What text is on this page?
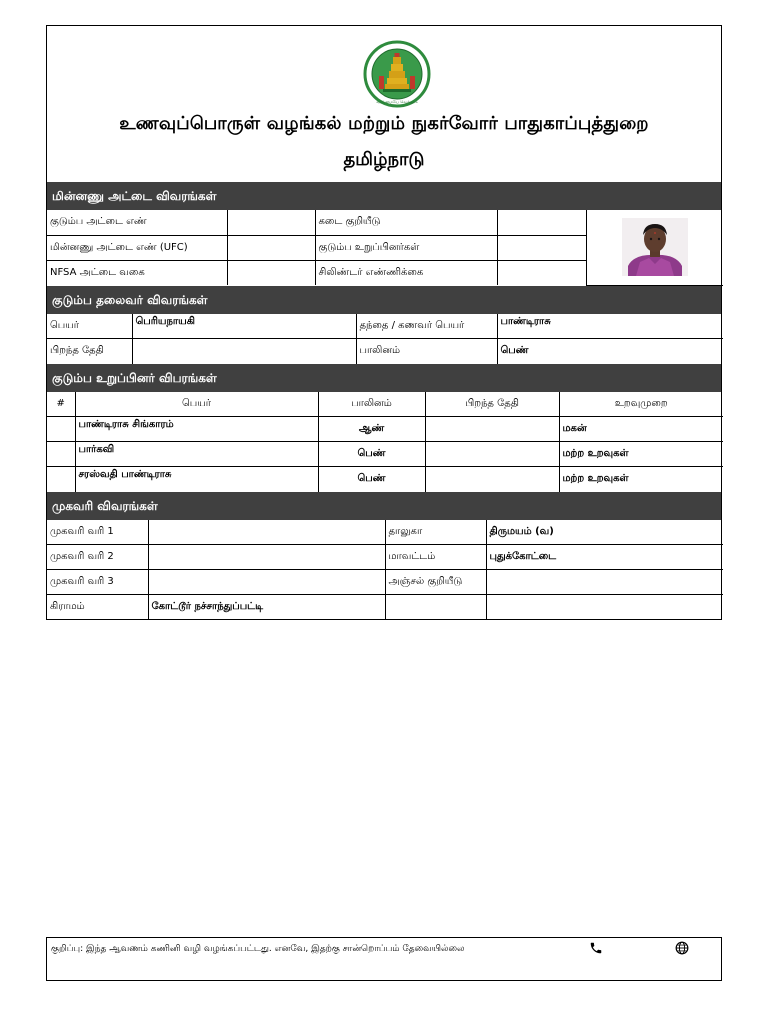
வாய்மையே வெல்லும்
உணவுப்பொருள் வழங்கல் மற்றும் நுகர்வோர் பாதுகாப்புத்துறை
தமிழ்நாடு
மின்னணு அட்டை விவரங்கள்
குடும்ப அட்டை எண்		கடை குறியீடு		
மின்னணு அட்டை எண் (UFC)		குடும்ப உறுப்பினர்கள்		
NFSA அட்டை வகை		சிலிண்டர் எண்ணிக்கை		
குடும்ப தலைவர் விவரங்கள்
பெயர்	பெரியநாயகி	தந்தை / கணவர் பெயர்	பாண்டிராசு
பிறந்த தேதி		பாலினம்	பெண்
குடும்ப உறுப்பினர் விபரங்கள்
#	பெயர்	பாலினம்	பிறந்த தேதி	உறவுமுறை
	பாண்டிராசு சிங்காரம்	ஆண்		மகன்
	பார்கவி	பெண்		மற்ற உறவுகள்
	சரஸ்வதி பாண்டிராசு	பெண்		மற்ற உறவுகள்
முகவரி விவரங்கள்
முகவரி வரி 1		தாலுகா	திருமயம் (வ)
முகவரி வரி 2		மாவட்டம்	புதுக்கோட்டை
முகவரி வரி 3		அஞ்சல் குறியீடு	
கிராமம்	கோட்டூர் நச்சாந்துப்பட்டி		
குறிப்பு: இந்த ஆவணம் கணினி வழி வழங்கப்பட்டது. எனவே, இதற்கு சான்றொப்பம் தேவையில்லை
